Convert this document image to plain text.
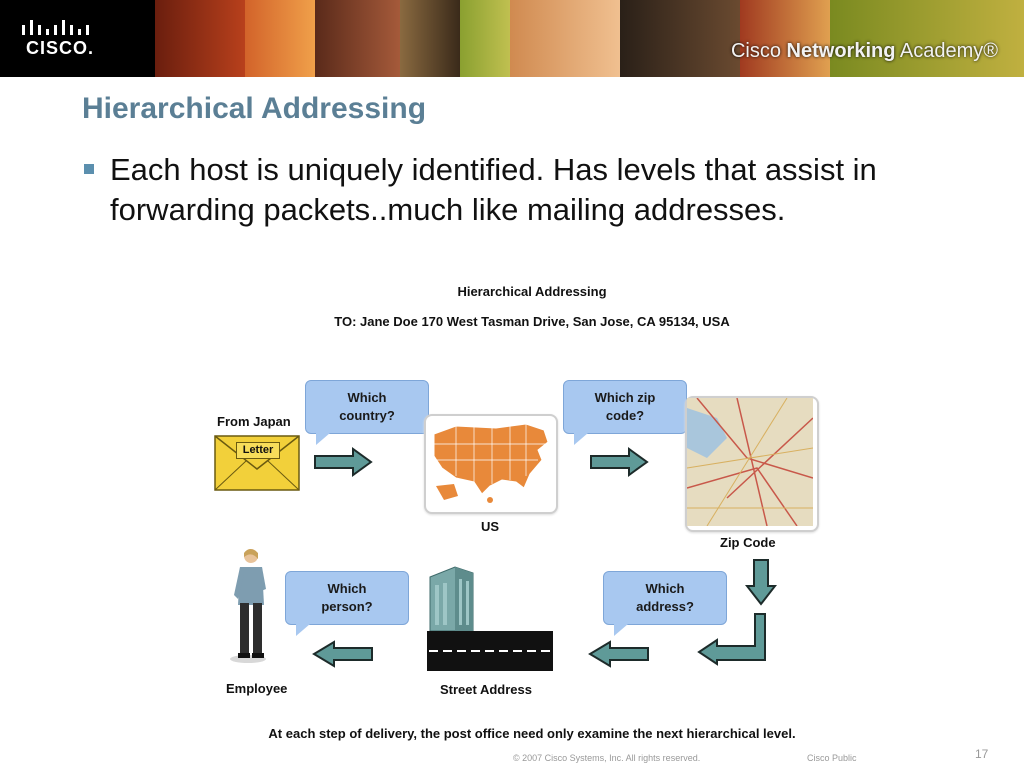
CISCO.	Cisco Networking Academy®
Hierarchical Addressing
Each host is uniquely identified. Has levels that assist in forwarding packets..much like mailing addresses.
Hierarchical Addressing
TO: Jane Doe 170 West Tasman Drive, San Jose, CA 95134, USA
From Japan
Letter
Which
country?
Which zip
code?
Which
address?
Which
person?
US
Zip Code
Street Address
Employee
At each step of delivery, the post office need only examine the next hierarchical level.
© 2007 Cisco Systems, Inc. All rights reserved.	Cisco Public	17
